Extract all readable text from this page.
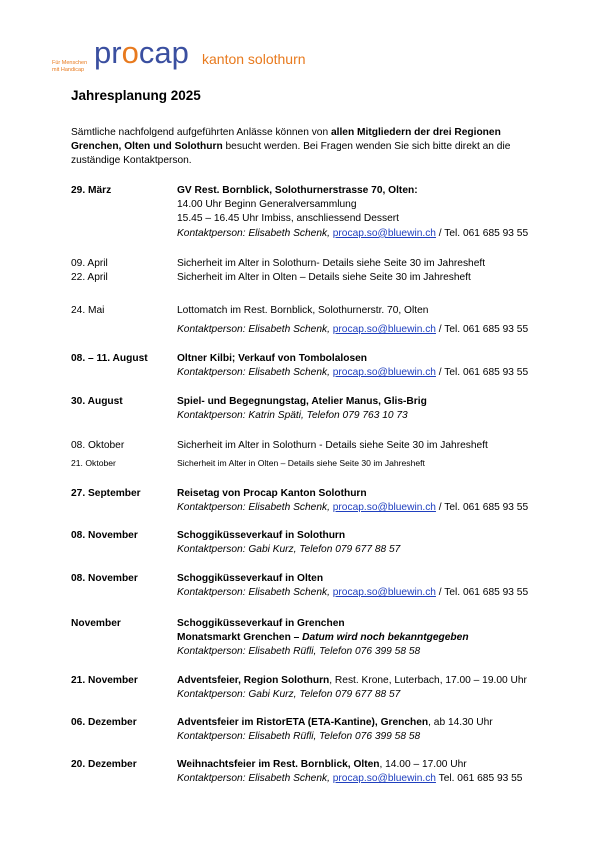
Für Menschen
mit Handicap procap kanton solothurn
Jahresplanung 2025
Sämtliche nachfolgend aufgeführten Anlässe können von allen Mitgliedern der drei Regionen Grenchen, Olten und Solothurn besucht werden. Bei Fragen wenden Sie sich bitte direkt an die zuständige Kontaktperson.
29. März	GV Rest. Bornblick, Solothurnerstrasse 70, Olten:
14.00 Uhr Beginn Generalversammlung
15.45 – 16.45 Uhr Imbiss, anschliessend Dessert
Kontaktperson: Elisabeth Schenk, procap.so@bluewin.ch / Tel. 061 685 93 55
09. April	Sicherheit im Alter in Solothurn- Details siehe Seite 30 im Jahresheft
22. April	Sicherheit im Alter in Olten – Details siehe Seite 30 im Jahresheft
24. Mai	Lottomatch im Rest. Bornblick, Solothurnerstr. 70, Olten
Kontaktperson: Elisabeth Schenk, procap.so@bluewin.ch / Tel. 061 685 93 55
08. – 11. August	Oltner Kilbi; Verkauf von Tombolalosen
Kontaktperson: Elisabeth Schenk, procap.so@bluewin.ch / Tel. 061 685 93 55
30. August	Spiel- und Begegnungstag, Atelier Manus, Glis-Brig
Kontaktperson: Katrin Späti, Telefon 079 763 10 73
08. Oktober	Sicherheit im Alter in Solothurn - Details siehe Seite 30 im Jahresheft
21. Oktober	Sicherheit im Alter in Olten – Details siehe Seite 30 im Jahresheft
27. September	Reisetag von Procap Kanton Solothurn
Kontaktperson: Elisabeth Schenk, procap.so@bluewin.ch / Tel. 061 685 93 55
08. November	Schoggiküsseverkauf in Solothurn
Kontaktperson: Gabi Kurz, Telefon 079 677 88 57
08. November	Schoggiküsseverkauf in Olten
Kontaktperson: Elisabeth Schenk, procap.so@bluewin.ch / Tel. 061 685 93 55
November	Schoggiküsseverkauf in Grenchen
Monatsmarkt Grenchen – Datum wird noch bekanntgegeben
Kontaktperson: Elisabeth Rüfli, Telefon 076 399 58 58
21. November	Adventsfeier, Region Solothurn, Rest. Krone, Luterbach, 17.00 – 19.00 Uhr
Kontaktperson: Gabi Kurz, Telefon 079 677 88 57
06. Dezember	Adventsfeier im RistorETA (ETA-Kantine), Grenchen, ab 14.30 Uhr
Kontaktperson: Elisabeth Rüfli, Telefon 076 399 58 58
20. Dezember	Weihnachtsfeier im Rest. Bornblick, Olten, 14.00 – 17.00 Uhr
Kontaktperson: Elisabeth Schenk, procap.so@bluewin.ch Tel. 061 685 93 55
